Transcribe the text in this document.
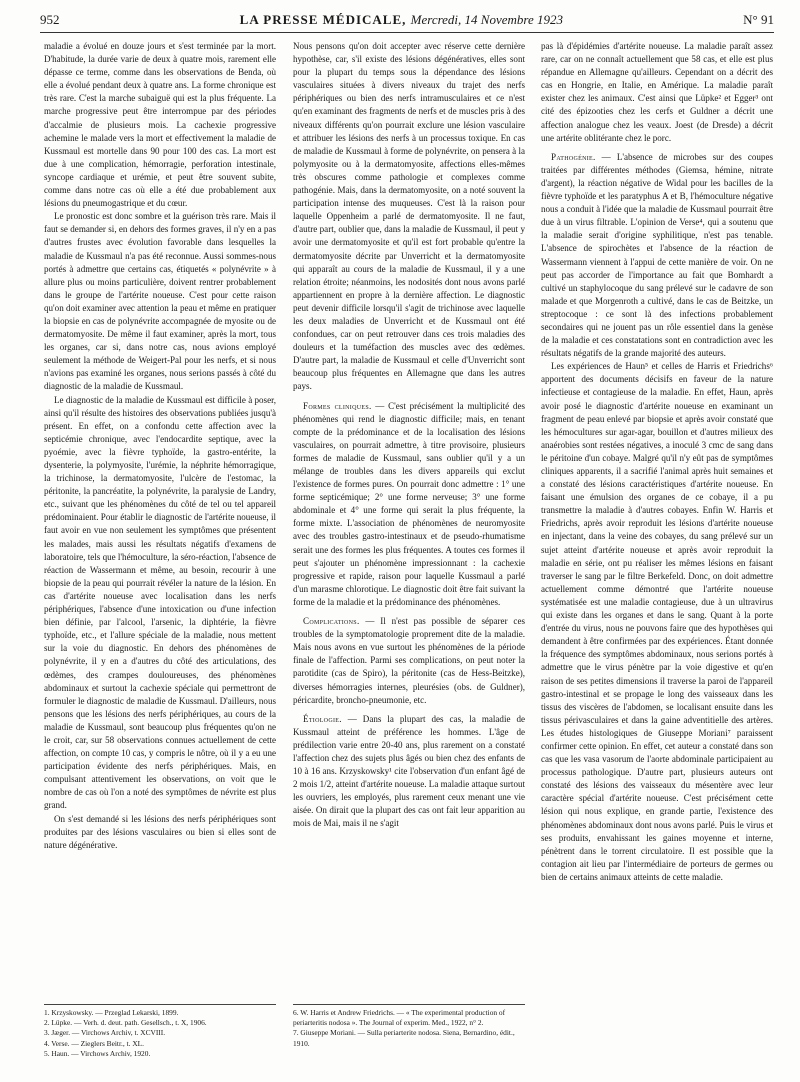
952	LA PRESSE MÉDICALE, Mercredi, 14 Novembre 1923	N° 91

maladie a évolué en douze jours et s'est terminée par la mort. D'habitude, la durée varie de deux à quatre mois, rarement elle dépasse ce terme, comme dans les observations de Benda, où elle a évolué pendant deux à quatre ans. La forme chronique est très rare. C'est la marche subaiguë qui est la plus fréquente. La marche progressive peut être interrompue par des périodes d'accalmie de plusieurs mois. La cachexie progressive achemine le malade vers la mort et effectivement la maladie de Kussmaul est mortelle dans 90 pour 100 des cas. La mort est due à une complication, hémorragie, perforation intestinale, syncope cardiaque et urémie, et peut être souvent subite, comme dans notre cas où elle a été due probablement aux lésions du pneumogastrique et du cœur.

Le pronostic est donc sombre et la guérison très rare. Mais il faut se demander si, en dehors des formes graves, il n'y en a pas d'autres frustes avec évolution favorable dans lesquelles la maladie de Kussmaul n'a pas été reconnue. Aussi sommes-nous portés à admettre que certains cas, étiquetés « polynévrite » à allure plus ou moins particulière, doivent rentrer probablement dans le groupe de l'artérite noueuse. C'est pour cette raison qu'on doit examiner avec attention la peau et même en pratiquer la biopsie en cas de polynévrite accompagnée de myosite ou de dermatomyosite. De même il faut examiner, après la mort, tous les organes, car si, dans notre cas, nous avions employé seulement la méthode de Weigert-Pal pour les nerfs, et si nous n'avions pas examiné les organes, nous serions passés à côté du diagnostic de la maladie de Kussmaul.

Le diagnostic de la maladie de Kussmaul est difficile à poser, ainsi qu'il résulte des histoires des observations publiées jusqu'à présent. En effet, on a confondu cette affection avec la septicémie chronique, avec l'endocardite septique, avec la pyoémie, avec la fièvre typhoïde, la gastro-entérite, la dysenterie, la polymyosite, l'urémie, la néphrite hémorragique, la trichinose, la dermatomyosite, l'ulcère de l'estomac, la péritonite, la pancréatite, la polynévrite, la paralysie de Landry, etc., suivant que les phénomènes du côté de tel ou tel appareil prédominaient. Pour établir le diagnostic de l'artérite noueuse, il faut avoir en vue non seulement les symptômes que présentent les malades, mais aussi les résultats négatifs d'examens de laboratoire, tels que l'hémoculture, la séro-réaction, l'absence de réaction de Wassermann et même, au besoin, recourir à une biopsie de la peau qui pourrait révéler la nature de la lésion. En cas d'artérite noueuse avec localisation dans les nerfs périphériques, l'absence d'une intoxication ou d'une infection bien définie, par l'alcool, l'arsenic, la diphtérie, la fièvre typhoïde, etc., et l'allure spéciale de la maladie, nous mettent sur la voie du diagnostic. En dehors des phénomènes de polynévrite, il y en a d'autres du côté des articulations, des œdèmes, des crampes douloureuses, des phénomènes abdominaux et surtout la cachexie spéciale qui permettront de formuler le diagnostic de maladie de Kussmaul. D'ailleurs, nous pensons que les lésions des nerfs périphériques, au cours de la maladie de Kussmaul, sont beaucoup plus fréquentes qu'on ne le croit, car, sur 58 observations connues actuellement de cette affection, on compte 10 cas, y compris le nôtre, où il y a eu une participation évidente des nerfs périphériques. Mais, en compulsant attentivement les observations, on voit que le nombre de cas où l'on a noté des symptômes de névrite est plus grand.

On s'est demandé si les lésions des nerfs périphériques sont produites par des lésions vasculaires ou bien si elles sont de nature dégénérative.

1. Krzyskowsky. — Przeglad Lekarski, 1899.
2. Lüpke. — Verh. d. deut. path. Gesellsch., t. X, 1906.
3. Jæger. — Virchows Archiv, t. XCVIII.
4. Verse. — Zieglers Beitr., t. XL.
5. Haun. — Virchows Archiv, 1920.

Nous pensons qu'on doit accepter avec réserve cette dernière hypothèse, car, s'il existe des lésions dégénératives, elles sont pour la plupart du temps sous la dépendance des lésions vasculaires situées à divers niveaux du trajet des nerfs périphériques ou bien des nerfs intramusculaires et ce n'est qu'en examinant des fragments de nerfs et de muscles pris à des niveaux différents qu'on pourrait exclure une lésion vasculaire et attribuer les lésions des nerfs à un processus toxique. En cas de maladie de Kussmaul à forme de polynévrite, on pensera à la polymyosite ou à la dermatomyosite, affections elles-mêmes très obscures comme pathologie et complexes comme pathogénie. Mais, dans la dermatomyosite, on a noté souvent la participation intense des muqueuses. C'est là la raison pour laquelle Oppenheim a parlé de dermatomyosite. Il ne faut, d'autre part, oublier que, dans la maladie de Kussmaul, il peut y avoir une dermatomyosite et qu'il est fort probable qu'entre la dermatomyosite décrite par Unverricht et la dermatomyosite qui apparaît au cours de la maladie de Kussmaul, il y a une relation étroite; néanmoins, les nodosités dont nous avons parlé appartiennent en propre à la dernière affection. Le diagnostic peut devenir difficile lorsqu'il s'agit de trichinose avec laquelle les deux maladies de Unverricht et de Kussmaul ont été confondues, car on peut retrouver dans ces trois maladies des douleurs et la tuméfaction des muscles avec des œdèmes. D'autre part, la maladie de Kussmaul et celle d'Unverricht sont beaucoup plus fréquentes en Allemagne que dans les autres pays.

Formes cliniques. — C'est précisément la multiplicité des phénomènes qui rend le diagnostic difficile; mais, en tenant compte de la prédominance et de la localisation des lésions vasculaires, on pourrait admettre, à titre provisoire, plusieurs formes de maladie de Kussmaul, sans oublier qu'il y a un mélange de troubles dans les divers appareils qui exclut l'existence de formes pures. On pourrait donc admettre : 1° une forme septicémique; 2° une forme nerveuse; 3° une forme abdominale et 4° une forme qui serait la plus fréquente, la forme mixte. L'association de phénomènes de neuromyosite avec des troubles gastro-intestinaux et de pseudo-rhumatisme serait une des formes les plus fréquentes. A toutes ces formes il peut s'ajouter un phénomène impressionnant : la cachexie progressive et rapide, raison pour laquelle Kussmaul a parlé d'un marasme chlorotique. Le diagnostic doit être fait suivant la forme de la maladie et la prédominance des phénomènes.

Complications. — Il n'est pas possible de séparer ces troubles de la symptomatologie proprement dite de la maladie. Mais nous avons en vue surtout les phénomènes de la période finale de l'affection. Parmi ses complications, on peut noter la parotidite (cas de Spiro), la péritonite (cas de Hess-Beitzke), diverses hémorragies internes, pleurésies (obs. de Guldner), péricardite, broncho-pneumonie, etc.

Étiologie. — Dans la plupart des cas, la maladie de Kussmaul atteint de préférence les hommes. L'âge de prédilection varie entre 20-40 ans, plus rarement on a constaté l'affection chez des sujets plus âgés ou bien chez des enfants de 10 à 16 ans. Krzyskowsky¹ cite l'observation d'un enfant âgé de 2 mois 1/2, atteint d'artérite noueuse. La maladie attaque surtout les ouvriers, les employés, plus rarement ceux menant une vie aisée. On dirait que la plupart des cas ont fait leur apparition au mois de Mai, mais il ne s'agit

6. W. Harris et Andrew Friedrichs. — « The experimental production of periarteritis nodosa ». The Journal of experim. Med., 1922, n° 2.
7. Giuseppe Moriani. — Sulla periarterite nodosa. Siena, Bernardino, édit., 1910.

pas là d'épidémies d'artérite noueuse. La maladie paraît assez rare, car on ne connaît actuellement que 58 cas, et elle est plus répandue en Allemagne qu'ailleurs. Cependant on a décrit des cas en Hongrie, en Italie, en Amérique. La maladie paraît exister chez les animaux. C'est ainsi que Lüpke² et Egger³ ont cité des épizooties chez les cerfs et Guldner a décrit une affection analogue chez les veaux. Joest (de Dresde) a décrit une artérite oblitérante chez le porc.

Pathogénie. — L'absence de microbes sur des coupes traitées par différentes méthodes (Giemsa, hémine, nitrate d'argent), la réaction négative de Widal pour les bacilles de la fièvre typhoïde et les paratyphus A et B, l'hémoculture négative nous a conduit à l'idée que la maladie de Kussmaul pourrait être due à un virus filtrable. L'opinion de Verse⁴, qui a soutenu que la maladie serait d'origine syphilitique, n'est pas tenable. L'absence de spirochètes et l'absence de la réaction de Wassermann viennent à l'appui de cette manière de voir. On ne peut pas accorder de l'importance au fait que Bomhardt a cultivé un staphylocoque du sang prélevé sur le cadavre de son malade et que Morgenroth a cultivé, dans le cas de Beitzke, un streptocoque : ce sont là des infections probablement secondaires qui ne jouent pas un rôle essentiel dans la genèse de la maladie et ces constatations sont en contradiction avec les résultats négatifs de la grande majorité des auteurs.

Les expériences de Haun⁵ et celles de Harris et Friedrichs⁶ apportent des documents décisifs en faveur de la nature infectieuse et contagieuse de la maladie. En effet, Haun, après avoir posé le diagnostic d'artérite noueuse en examinant un fragment de peau enlevé par biopsie et après avoir constaté que les hémocultures sur agar-agar, bouillon et d'autres milieux des anaérobies sont restées négatives, a inoculé 3 cmc de sang dans le péritoine d'un cobaye. Malgré qu'il n'y eût pas de symptômes cliniques apparents, il a sacrifié l'animal après huit semaines et a constaté des lésions caractéristiques d'artérite noueuse. En faisant une émulsion des organes de ce cobaye, il a pu transmettre la maladie à d'autres cobayes. Enfin W. Harris et Friedrichs, après avoir reproduit les lésions d'artérite noueuse en injectant, dans la veine des cobayes, du sang prélevé sur un sujet atteint d'artérite noueuse et après avoir reproduit la maladie en série, ont pu réaliser les mêmes lésions en faisant traverser le sang par le filtre Berkefeld. Donc, on doit admettre actuellement comme démontré que l'artérite noueuse systématisée est une maladie contagieuse, due à un ultravirus qui existe dans les organes et dans le sang. Quant à la porte d'entrée du virus, nous ne pouvons faire que des hypothèses qui demandent à être confirmées par des expériences. Étant donnée la fréquence des symptômes abdominaux, nous serions portés à admettre que le virus pénètre par la voie digestive et qu'en raison de ses petites dimensions il traverse la paroi de l'appareil gastro-intestinal et se propage le long des vaisseaux dans les tissus des viscères de l'abdomen, se localisant ensuite dans les tissus périvasculaires et dans la gaine adventitielle des artères. Les études histologiques de Giuseppe Moriani⁷ paraissent confirmer cette opinion. En effet, cet auteur a constaté dans son cas que les vasa vasorum de l'aorte abdominale participaient au processus pathologique. D'autre part, plusieurs auteurs ont constaté des lésions des vaisseaux du mésentère avec leur caractère spécial d'artérite noueuse. C'est précisément cette lésion qui nous explique, en grande partie, l'existence des phénomènes abdominaux dont nous avons parlé. Puis le virus et ses produits, envahissant les gaines moyenne et interne, pénètrent dans le torrent circulatoire. Il est possible que la contagion ait lieu par l'intermédiaire de porteurs de germes ou bien de certains animaux atteints de cette maladie.
